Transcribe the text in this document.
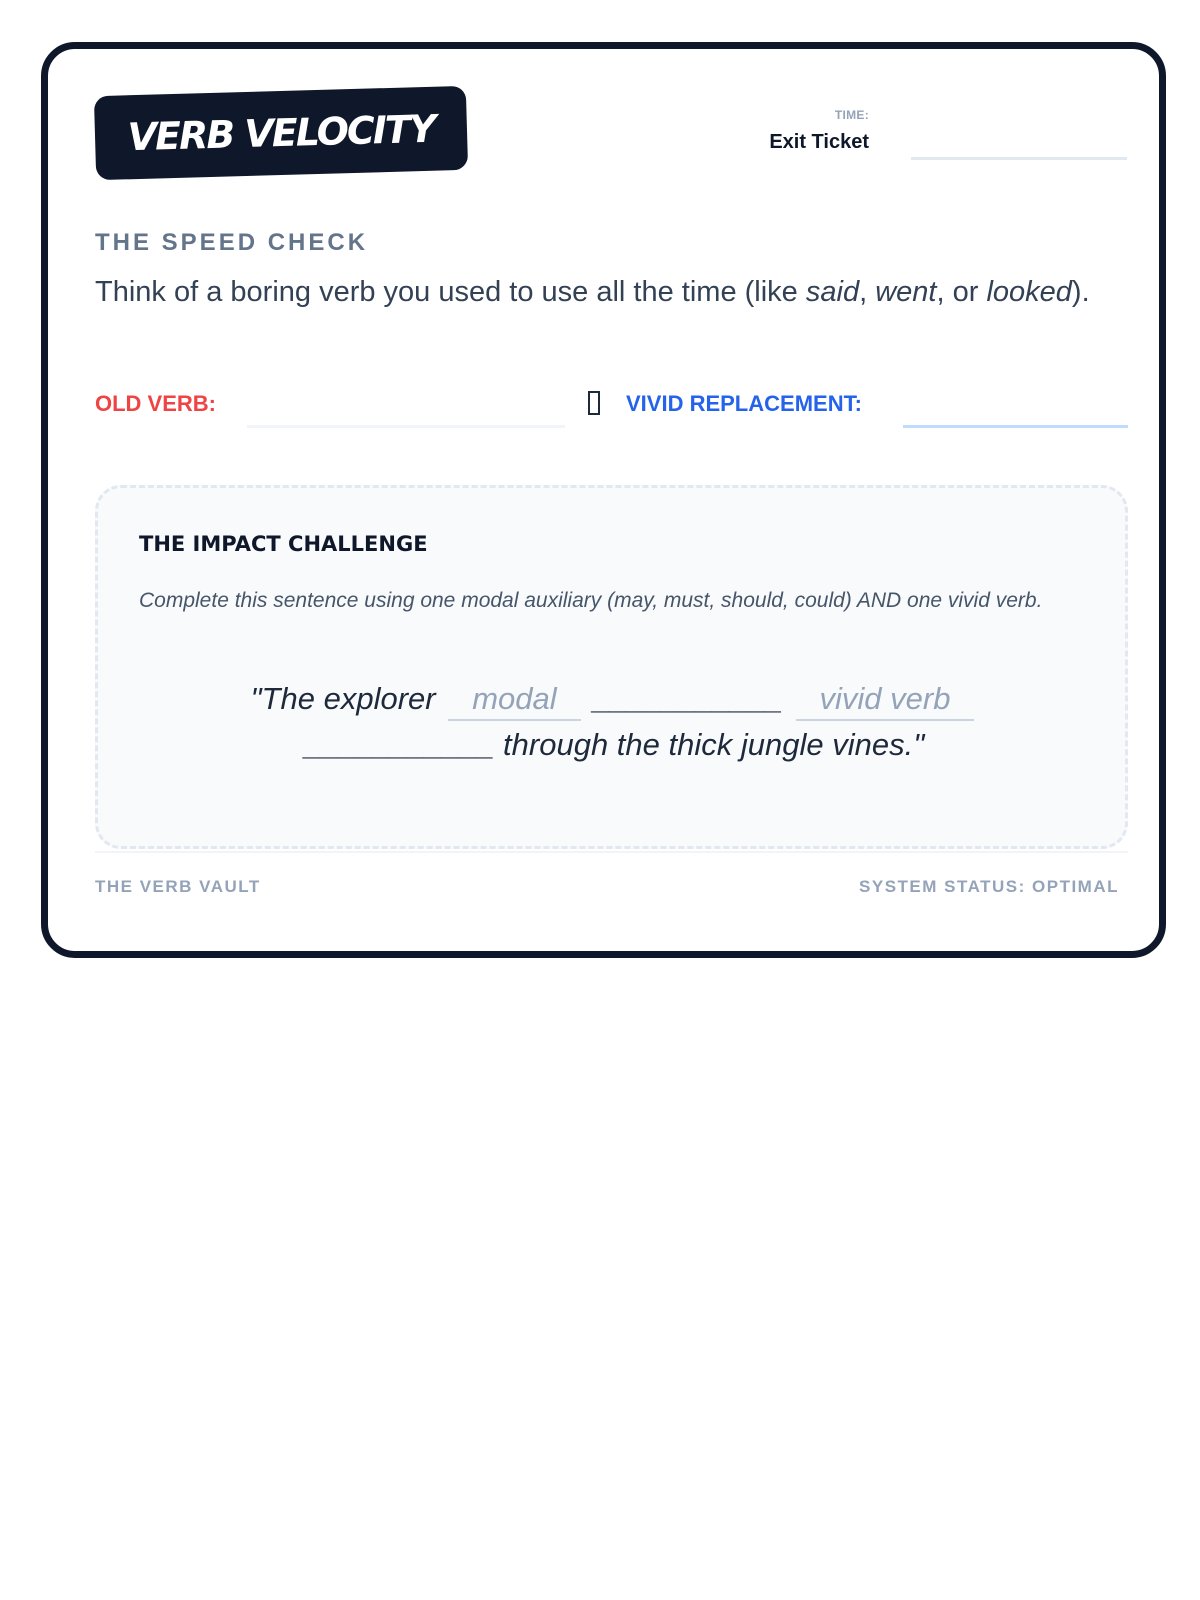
VERB VELOCITY	TIME:
Exit Ticket
THE SPEED CHECK
Think of a boring verb you used to use all the time (like said, went, or looked).
OLD VERB:	VIVID REPLACEMENT:
THE IMPACT CHALLENGE
Complete this sentence using one modal auxiliary (may, must, should, could) AND one vivid verb.
"The explorer modal ___________ vivid verb
___________ through the thick jungle vines."
THE VERB VAULT	SYSTEM STATUS: OPTIMAL
